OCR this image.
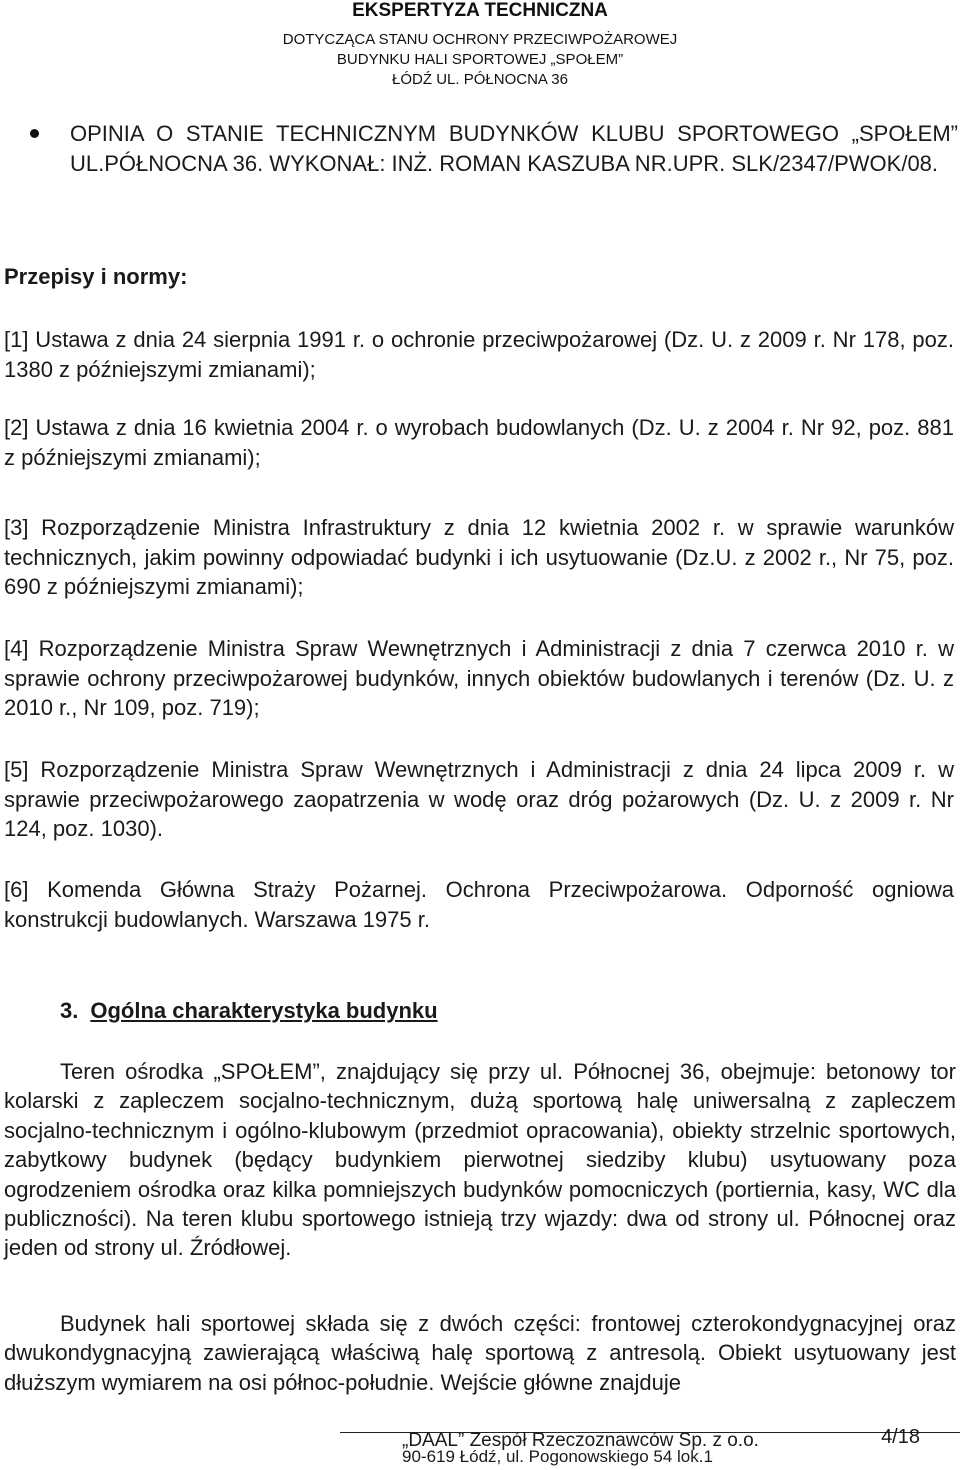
EKSPERTYZA TECHNICZNA
DOTYCZĄCA STANU OCHRONY PRZECIWPOŻAROWEJ
BUDYNKU HALI SPORTOWEJ „SPOŁEM”
ŁÓDŹ UL. PÓŁNOCNA 36
OPINIA O STANIE TECHNICZNYM BUDYNKÓW KLUBU SPORTOWEGO „SPOŁEM” UL.PÓŁNOCNA 36. WYKONAŁ: INŻ. ROMAN KASZUBA NR.UPR. SLK/2347/PWOK/08.
Przepisy i normy:
[1] Ustawa z dnia 24 sierpnia 1991 r. o ochronie przeciwpożarowej (Dz. U. z 2009 r. Nr 178, poz. 1380 z późniejszymi zmianami);
[2] Ustawa z dnia 16 kwietnia 2004 r. o wyrobach budowlanych (Dz. U. z 2004 r. Nr 92, poz. 881 z późniejszymi zmianami);
[3] Rozporządzenie Ministra Infrastruktury z dnia 12 kwietnia 2002 r. w sprawie warunków technicznych, jakim powinny odpowiadać budynki i ich usytuowanie (Dz.U. z 2002 r., Nr 75, poz. 690 z późniejszymi zmianami);
[4] Rozporządzenie Ministra Spraw Wewnętrznych i Administracji z dnia 7 czerwca 2010 r. w sprawie ochrony przeciwpożarowej budynków, innych obiektów budowlanych i terenów (Dz. U. z 2010 r., Nr 109, poz. 719);
[5] Rozporządzenie Ministra Spraw Wewnętrznych i Administracji z dnia 24 lipca 2009 r. w sprawie przeciwpożarowego zaopatrzenia w wodę oraz dróg pożarowych (Dz. U. z 2009 r. Nr 124, poz. 1030).
[6] Komenda Główna Straży Pożarnej. Ochrona Przeciwpożarowa. Odporność ogniowa konstrukcji budowlanych. Warszawa 1975 r.
3. Ogólna charakterystyka budynku
Teren ośrodka „SPOŁEM”, znajdujący się przy ul. Północnej 36, obejmuje: betonowy tor kolarski z zapleczem socjalno-technicznym, dużą sportową halę uniwersalną z zapleczem socjalno-technicznym i ogólno-klubowym (przedmiot opracowania), obiekty strzelnic sportowych, zabytkowy budynek (będący budynkiem pierwotnej siedziby klubu) usytuowany poza ogrodzeniem ośrodka oraz kilka pomniejszych budynków pomocniczych (portiernia, kasy, WC dla publiczności). Na teren klubu sportowego istnieją trzy wjazdy: dwa od strony ul. Północnej oraz jeden od strony ul. Źródłowej.
Budynek hali sportowej składa się z dwóch części: frontowej czterokondygnacyjnej oraz dwukondygnacyjną zawierającą właściwą halę sportową z antresolą. Obiekt usytuowany jest dłuższym wymiarem na osi północ-południe. Wejście główne znajduje
„DAAL” Zespół Rzeczoznawców Sp. z o.o.	4/18
90-619 Łódź, ul. Pogonowskiego 54 lok.1
